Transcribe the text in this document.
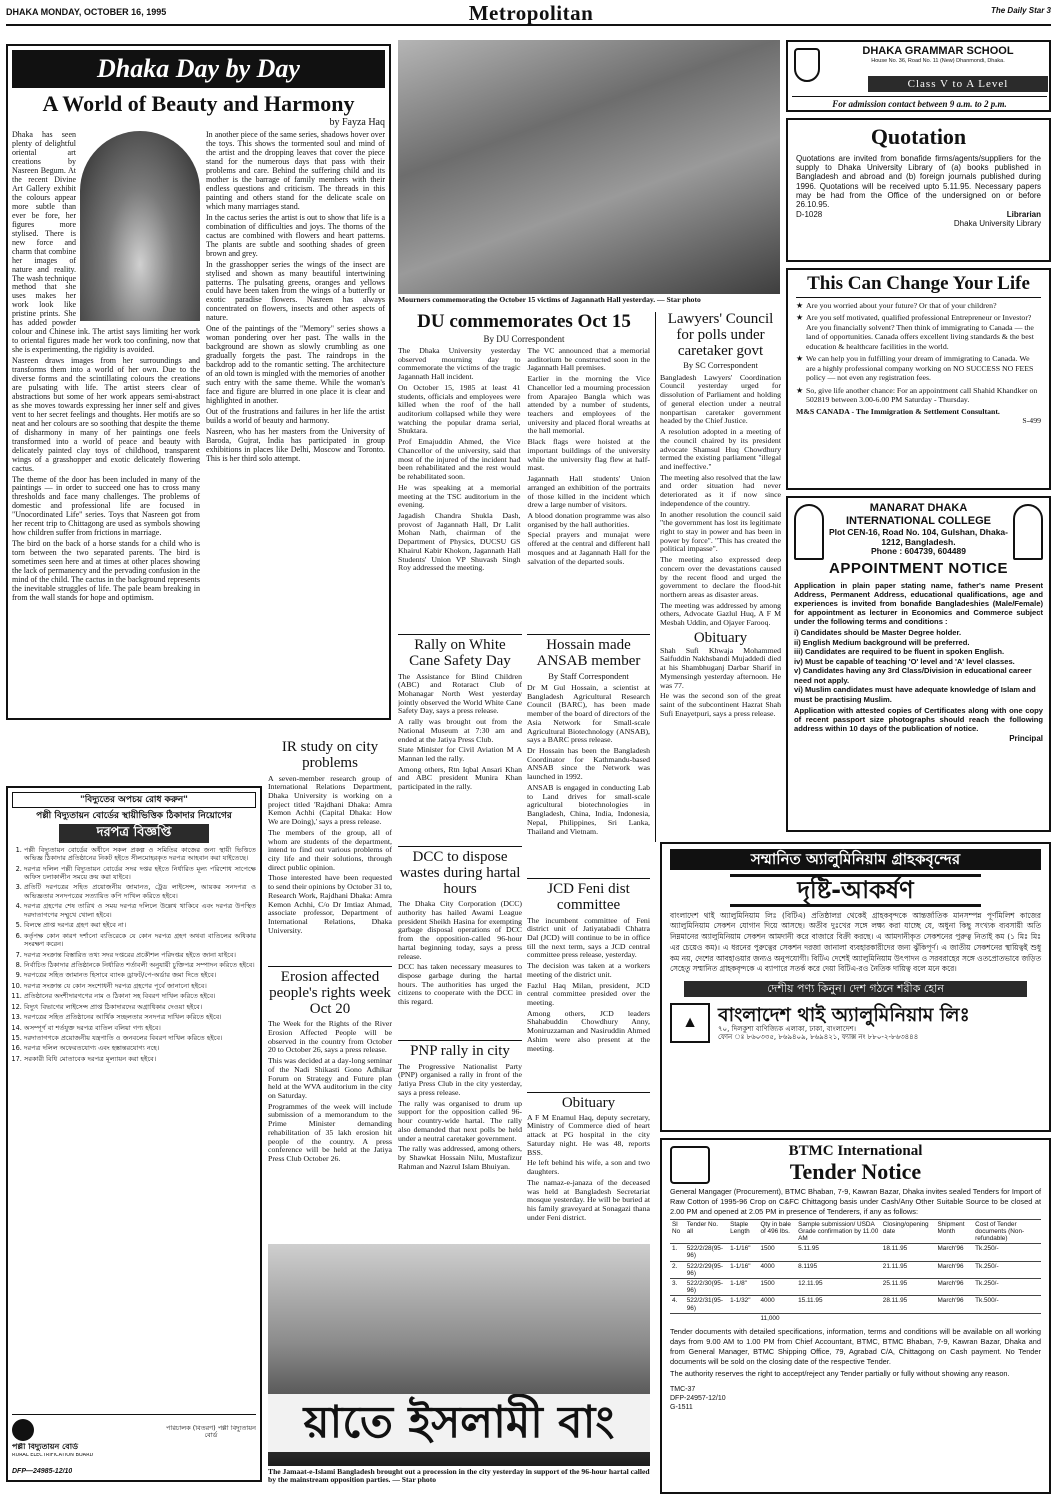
DHAKA MONDAY, OCTOBER 16, 1995	Metropolitan	The Daily Star 3
Dhaka Day by Day
A World of Beauty and Harmony
by Fayza Haq

Dhaka has seen plenty of delightful oriental art creations by Nasreen Begum. At the recent Divine Art Gallery exhibit the colours appear more subtle than ever be fore, her figures more stylised. There is new force and charm that combine her images of nature and reality. The wash technique method that she uses makes her work look like pristine prints. She has added powder colour and Chinese ink. The artist says limiting her work to oriental figures made her work too confining, now that she is experimenting, the rigidity is avoided.

Nasreen draws images from her surroundings and transforms them into a world of her own. Due to the diverse forms and the scintillating colours the creations are pulsating with life. The artist steers clear of abstractions but some of her work appears semi-abstract as she moves towards expressing her inner self and gives vent to her secret feelings and thoughts. Her motifs are so neat and her colours are so soothing that despite the theme of disharmony in many of her paintings one feels transformed into a world of peace and beauty with delicately painted clay toys of childhood, transparent wings of a grasshopper and exotic delicately flowering cactus.

The theme of the door has been included in many of the paintings — in order to succeed one has to cross many thresholds and face many challenges. The problems of domestic and professional life are focused in "Unocordinated Life" series. Toys that Nasreen got from her recent trip to Chittagong are used as symbols showing how children suffer from frictions in marriage.

The bird on the back of a horse stands for a child who is torn between the two separated parents. The bird is sometimes seen here and at times at other places showing the lack of permanency and the pervading confusion in the mind of the child. The cactus in the background represents the inevitable struggles of life. The pale beam breaking in from the wall stands for hope and optimism.

In another piece of the same series, shadows hover over the toys. This shows the tormented soul and mind of the artist and the dropping leaves that cover the piece stand for the numerous days that pass with their problems and care. Behind the suffering child and its mother is the barrage of family members with their endless questions and criticism. The threads in this painting and others stand for the delicate scale on which many marriages stand.

In the cactus series the artist is out to show that life is a combination of difficulties and joys. The thorns of the cactus are combined with flowers and heart patterns. The plants are subtle and soothing shades of green brown and grey.

In the grasshopper series the wings of the insect are stylised and shown as many beautiful intertwining patterns. The pulsating greens, oranges and yellows could have been taken from the wings of a butterfly or exotic paradise flowers. Nasreen has always concentrated on flowers, insects and other aspects of nature.

One of the paintings of the "Memory" series shows a woman pondering over her past. The walls in the background are shown as slowly crumbling as one gradually forgets the past. The raindrops in the backdrop add to the romantic setting. The architecture of an old town is mingled with the memories of another such entry with the same theme. While the woman's face and figure are blurred in one place it is clear and highlighted in another.

Out of the frustrations and failures in her life the artist builds a world of beauty and harmony.

Nasreen, who has her masters from the University of Baroda, Gujrat, India has participated in group exhibitions in places like Delhi, Moscow and Toronto. This is her third solo attempt.

Mourners commemorating the October 15 victims of Jagannath Hall yesterday. — Star photo
DU commemorates Oct 15
By DU Correspondent

The Dhaka University yesterday observed mourning day to commemorate the victims of the tragic Jagannath Hall incident.

On October 15, 1985 at least 41 students, officials and employees were killed when the roof of the hall auditorium collapsed while they were watching the popular drama serial, Shuktara.

Prof Emajuddin Ahmed, the Vice Chancellor of the university, said that most of the injured of the incident had been rehabilitated and the rest would be rehabilitated soon.

He was speaking at a memorial meeting at the TSC auditorium in the evening.

Jagadish Chandra Shukla Dash, provost of Jagannath Hall, Dr Lalit Mohan Nath, chairman of the Department of Physics, DUCSU GS Khairul Kabir Khokon, Jagannath Hall Students' Union VP Shuvash Singh Roy addressed the meeting.

The VC announced that a memorial auditorium be constructed soon in the Jagannath Hall premises.

Earlier in the morning the Vice Chancellor led a mourning procession from Aparajeo Bangla which was attended by a number of students, teachers and employees of the university and placed floral wreaths at the hall memorial.

Black flags were hoisted at the important buildings of the university while the university flag flew at half-mast.

Jagannath Hall students' Union arranged an exhibition of the portraits of those killed in the incident which drew a large number of visitors.

A blood donation programme was also organised by the hall authorities.

Special prayers and munajat were offered at the central and different hall mosques and at Jagannath Hall for the salvation of the departed souls.

Lawyers' Council for polls under caretaker govt
By SC Correspondent

Bangladesh Lawyers' Coordination Council yesterday urged for dissolution of Parliament and holding of general election under a neutral nonpartisan caretaker government headed by the Chief Justice.

A resolution adopted in a meeting of the council chaired by its president advocate Shamsul Huq Chowdhury termed the existing parliament "illegal and ineffective."

The meeting also resolved that the law and order situation had never deteriorated as it if now since independence of the country.

In another resolution the council said "the government has lost its legitimate right to stay in power and has been in power by force". "This has created the political impasse".

The meeting also expressed deep concern over the devastations caused by the recent flood and urged the government to declare the flood-hit northern areas as disaster areas.

The meeting was addressed by among others, Advocate Gazlul Huq, A F M Mesbah Uddin, and Ojayer Farooq.

Obituary

Shah Sufi Khwaja Mohammed Saifuddin Nakhsbandi Mujaddedi died at his Shambhuganj Darbar Sharif in Mymensingh yesterday afternoon. He was 77.

He was the second son of the great saint of the subcontinent Hazrat Shah Sufi Enayetpuri, says a press release.

Rally on White Cane Safety Day

The Assistance for Blind Children (ABC) and Rotaract Club of Mohanagar North West yesterday jointly observed the World White Cane Safety Day, says a press release.

A rally was brought out from the National Museum at 7:30 am and ended at the Jatiya Press Club.

State Minister for Civil Aviation M A Mannan led the rally.

Among others, Rtn Iqbal Ansari Khan and ABC president Munira Khan participated in the rally.

Hossain made ANSAB member
By Staff Correspondent

Dr M Gul Hossain, a scientist at Bangladesh Agricultural Research Council (BARC), has been made member of the board of directors of the Asia Network for Small-scale Agricultural Biotechnology (ANSAB), says a BARC press release.

Dr Hossain has been the Bangladesh Coordinator for Kathmandu-based ANSAB since the Network was launched in 1992.

ANSAB is engaged in conducting Lab to Land drives for small-scale agricultural biotechnologies in Bangladesh, China, India, Indonesia, Nepal, Philippines, Sri Lanka, Thailand and Vietnam.

DCC to dispose wastes during hartal hours

The Dhaka City Corporation (DCC) authority has hailed Awami League president Sheikh Hasina for exempting garbage disposal operations of DCC from the opposition-called 96-hour hartal beginning today, says a press release.

DCC has taken necessary measures to dispose garbage during the hartal hours. The authorities has urged the citizens to cooperate with the DCC in this regard.

JCD Feni dist committee

The incumbent committee of Feni district unit of Jatiyatabadi Chhatra Dal (JCD) will continue to be in office till the next term, says a JCD central committee press release, yesterday.

The decision was taken at a workers meeting of the district unit.

Fazlul Haq Milan, president, JCD central committee presided over the meeting.

Among others, JCD leaders Shahabuddin Chowdhury Anny, Moniruzzaman and Nasiruddin Ahmed Ashim were also present at the meeting.

PNP rally in city

The Progressive Nationalist Party (PNP) organised a rally in front of the Jatiya Press Club in the city yesterday, says a press release.

The rally was organised to drum up support for the opposition called 96-hour country-wide hartal. The rally also demanded that next polls be held under a neutral caretaker government.

The rally was addressed, among others, by Shawkat Hossain Nilu, Mustafizur Rahman and Nazrul Islam Bhuiyan.

Obituary

A F M Enamul Haq, deputy secretary, Ministry of Commerce died of heart attack at PG hospital in the city Saturday night. He was 48, reports BSS.

He left behind his wife, a son and two daughters.

The namaz-e-janaza of the deceased was held at Bangladesh Secretariat mosque yesterday. He will be buried at his family graveyard at Sonagazi thana under Feni district.

IR study on city problems

A seven-member research group of International Relations Department, Dhaka University is working on a project titled 'Rajdhani Dhaka: Amra Kemon Achhi (Capital Dhaka: How We are Doing),' says a press release.

The members of the group, all of whom are students of the department, intend to find out various problems of city life and their solutions, through direct public opinion.

Those interested have been requested to send their opinions by October 31 to, Research Work, Rajdhani Dhaka: Amra Kemon Achhi, C/o Dr Imtiaz Ahmad, associate professor, Department of International Relations, Dhaka University.

Erosion affected people's rights week Oct 20

The Week for the Rights of the River Erosion Affected People will be observed in the country from October 20 to October 26, says a press release.

This was decided at a day-long seminar of the Nadi Shikasti Gono Adhikar Forum on Strategy and Future plan held at the WVA auditorium in the city on Saturday.

Programmes of the week will include submission of a memorandum to the Prime Minister demanding rehabilitation of 35 lakh erosion hit people of the country. A press conference will be held at the Jatiya Press Club October 26.

য়াতে ইসলামী বাং
The Jamaat-e-Islami Bangladesh brought out a procession in the city yesterday in support of the 96-hour hartal called by the mainstream opposition parties. — Star photo
"বিদ্যুতের অপচয় রোধ করুন"
পল্লী বিদ্যুতায়ন বোর্ডের স্থায়ীভিত্তিক ঠিকাদার নিয়োগের
দরপত্র বিজ্ঞপ্তি
1. পল্লী বিদ্যুতায়ন বোর্ডের অধীনে সকল প্রকল্প ও সমিতির কাজের জন্য স্থায়ী ভিত্তিতে অভিজ্ঞ ঠিকাদার প্রতিষ্ঠানের নিকট হইতে সীলমোহরকৃত দরপত্র আহবান করা যাইতেছে।
2. দরপত্র দলিল পল্লী বিদ্যুতায়ন বোর্ডের সদর দপ্তর হইতে নির্ধারিত মূল্য পরিশোধ সাপেক্ষে অফিস চলাকালীন সময়ে ক্রয় করা যাইবে।
3. প্রতিটি দরপত্রের সহিত প্রয়োজনীয় জামানত, ট্রেড লাইসেন্স, আয়কর সনদপত্র ও অভিজ্ঞতার সনদপত্রের সত্যায়িত কপি দাখিল করিতে হইবে।
4. দরপত্র গ্রহণের শেষ তারিখ ও সময় দরপত্র দলিলে উল্লেখ থাকিবে এবং দরপত্র উপস্থিত দরদাতাগণের সম্মুখে খোলা হইবে।
5. বিলম্বে প্রাপ্ত দরপত্র গ্রহণ করা হইবে না।
6. কর্তৃপক্ষ কোন কারণ দর্শানো ব্যতিরেকে যে কোন দরপত্র গ্রহণ অথবা বাতিলের অধিকার সংরক্ষণ করেন।
7. দরপত্র সংক্রান্ত বিস্তারিত তথ্য সদর দপ্তরের প্রকৌশল পরিদপ্তর হইতে জানা যাইবে।
8. নির্বাচিত ঠিকাদার প্রতিষ্ঠানকে নির্ধারিত শর্তাবলী অনুযায়ী চুক্তিপত্র সম্পাদন করিতে হইবে।
9. দরপত্রের সহিত জামানত হিসাবে ব্যাংক ড্রাফট/পে-অর্ডার জমা দিতে হইবে।
10. দরপত্র সংক্রান্ত যে কোন সংশোধনী দরপত্র গ্রহণের পূর্বে জানানো হইবে।
11. প্রতিষ্ঠানের অংশীদারগণের নাম ও ঠিকানা সহ বিবরণ দাখিল করিতে হইবে।
12. বিদ্যুৎ বিভাগের লাইসেন্স প্রাপ্ত ঠিকাদারদের অগ্রাধিকার দেওয়া হইবে।
13. দরপত্রের সহিত প্রতিষ্ঠানের আর্থিক সচ্ছলতার সনদপত্র দাখিল করিতে হইবে।
14. অসম্পূর্ণ বা শর্তযুক্ত দরপত্র বাতিল বলিয়া গণ্য হইবে।
15. দরদাতাগণকে প্রয়োজনীয় যন্ত্রপাতি ও জনবলের বিবরণ দাখিল করিতে হইবে।
16. দরপত্র দলিল অফেরতযোগ্য এবং হস্তান্তরযোগ্য নহে।
17. সরকারী বিধি মোতাবেক দরপত্র মূল্যায়ন করা হইবে।
পল্লী বিদ্যুতায়ন বোর্ড
RURAL ELECTRIFICATION BOARD
পরিচালক (বিতরণ) পল্লী বিদ্যুতায়ন বোর্ড
DFP—24985-12/10
DHAKA GRAMMAR SCHOOL
House No. 36, Road No. 11 (New) Dhanmondi, Dhaka.
Class V to A Level
For admission contact between 9 a.m. to 2 p.m.
Quotation

Quotations are invited from bonafide firms/agents/suppliers for the supply to Dhaka University Library of (a) books published in Bangladesh and abroad and (b) foreign journals published during 1996. Quotations will be received upto 5.11.95. Necessary papers may be had from the Office of the undersigned on or before 26.10.95.

D-1028	Librarian
Dhaka University Library
This Can Change Your Life
★ Are you worried about your future? Or that of your children?
★ Are you self motivated, qualified professional Entrepreneur or Investor? Are you financially solvent? Then think of immigrating to Canada — the land of opportunities. Canada offers excellent living standards & the best education & healthcare facilities in the world.
★ We can help you in fulfilling your dream of immigrating to Canada. We are a highly professional company working on NO SUCCESS NO FEES policy — not even any registration fees.
★ So, give life another chance: For an appointment call Shahid Khandker on 502819 between 3.00-6.00 PM Saturday - Thursday.
M&S CANADA - The Immigration & Settlement Consultant.
S-499
MANARAT DHAKA
INTERNATIONAL COLLEGE
Plot CEN-16, Road No. 104, Gulshan, Dhaka-1212, Bangladesh.
Phone : 604739, 604489
APPOINTMENT NOTICE

Application in plain paper stating name, father's name Present Address, Permanent Address, educational qualifications, age and experiences is invited from bonafide Bangladeshies (Male/Female) for appointment as lecturer in Economics and Commerce subject under the following terms and conditions :

i) Candidates should be Master Degree holder.
ii) English Medium background will be preferred.
iii) Candidates are required to be fluent in spoken English.
iv) Must be capable of teaching 'O' level and 'A' level classes.
v) Candidates having any 3rd Class/Division in educational career need not apply.
vi) Muslim candidates must have adequate knowledge of Islam and must be practising Muslim.

Application with attested copies of Certificates along with one copy of recent passport size photographs should reach the following address within 10 days of the publication of notice.

Principal
সম্মানিত অ্যালুমিনিয়াম গ্রাহকবৃন্দের
দৃষ্টি-আকর্ষণ

বাংলাদেশ থাই অ্যালুমিনিয়াম লিঃ (বিটিএ) প্রতিষ্ঠালগ্ন থেকেই গ্রাহকবৃন্দকে আন্তর্জাতিক মানসম্পন্ন পূর্ণমিলিশ কাজের অ্যালুমিনিয়াম সেকশন যোগান দিয়ে আসছে। অতীব দুঃখের সঙ্গে লক্ষ্য করা যাচ্ছে যে, অধুনা কিছু সংখ্যক ব্যবসায়ী অতি নিম্নমানের অ্যালুমিনিয়াম সেকশন আমদানী করে বাজারে বিক্রী করছে। এ আমদানীকৃত সেকশনের পুরুত্ব নিতাই কম (১ মিঃ মিঃ এর চেয়েও কম)। এ ধরনের পুরুত্বের সেকশন দরজা জানালা ব্যবহারকারীদের জন্য ঝুঁকিপূর্ণ। এ জাতীয় সেকশনের স্থায়িত্বই শুধু কম নয়, দেশের আবহাওয়ার জন্যও অনুপযোগী। বিটিএ দেশেই অ্যালুমিনিয়াম উৎপাদন ও সরবরাহের সঙ্গে ওতপ্রোতভাবে জড়িত সেহেতু সম্মানিত গ্রাহকবৃন্দকে এ ব্যাপারে সতর্ক করে দেয়া বিটিএ-রও নৈতিক দায়িত্ব বলে মনে করে।

দেশীয় পণ্য কিনুন। দেশ গঠনে শরীক হোন
▲	বাংলাদেশ থাই অ্যালুমিনিয়াম লিঃ
৭০, দিলকুশা বাণিজ্যিক এলাকা, ঢাকা, বাংলাদেশ।
ফোন ঃ ৮৬০৩৩৫, ৮৬৯৪০৯, ৮৬৯৪২১, ফ্যাক্স নং ৮৮০-২-৮৬৩৪৪৪
BTMC International
Tender Notice

General Mangager (Procurement), BTMC Bhaban, 7-9, Kawran Bazar, Dhaka invites sealed Tenders for Import of Raw Cotton of 1995-96 Crop on C&FC Chittagong basis under Cash/Any Other Suitable Source to be closed at 2.00 PM and opened at 2.05 PM in presence of Tenderers, if any as follows:

Sl No	Tender No. all	Staple Length	Qty in bale of 496 lbs.	Sample submission/ USDA Grade confirmation by 11.00 AM	Closing/opening date	Shipment Month	Cost of Tender documents (Non-refundable)
1.	522/2/28(95-96)	1-1/16"	1500	5.11.95	18.11.95	March'96	Tk.250/-
2.	522/2/29(95-96)	1-1/16"	4000	8.1195	21.11.95	March'96	Tk.250/-
3.	522/2/30(95-96)	1-1/8"	1500	12.11.95	25.11.95	March'96	Tk.250/-
4.	522/2/31(95-96)	1-1/32"	4000	15.11.95	28.11.95	March'96	Tk.500/-
			11,000				

Tender documents with detailed specifications, information, terms and conditions will be available on all working days from 9.00 AM to 1.00 PM from Chief Accountant, BTMC, BTMC Bhaban, 7-9, Kawran Bazar, Dhaka and from General Manager, BTMC Shipping Office, 79, Agrabad C/A, Chittagong on Cash payment. No Tender documents will be sold on the closing date of the respective Tender.

The authority reserves the right to accept/reject any Tender partially or fully without showing any reason.

TMC-37
DFP-24957-12/10
G-1511
